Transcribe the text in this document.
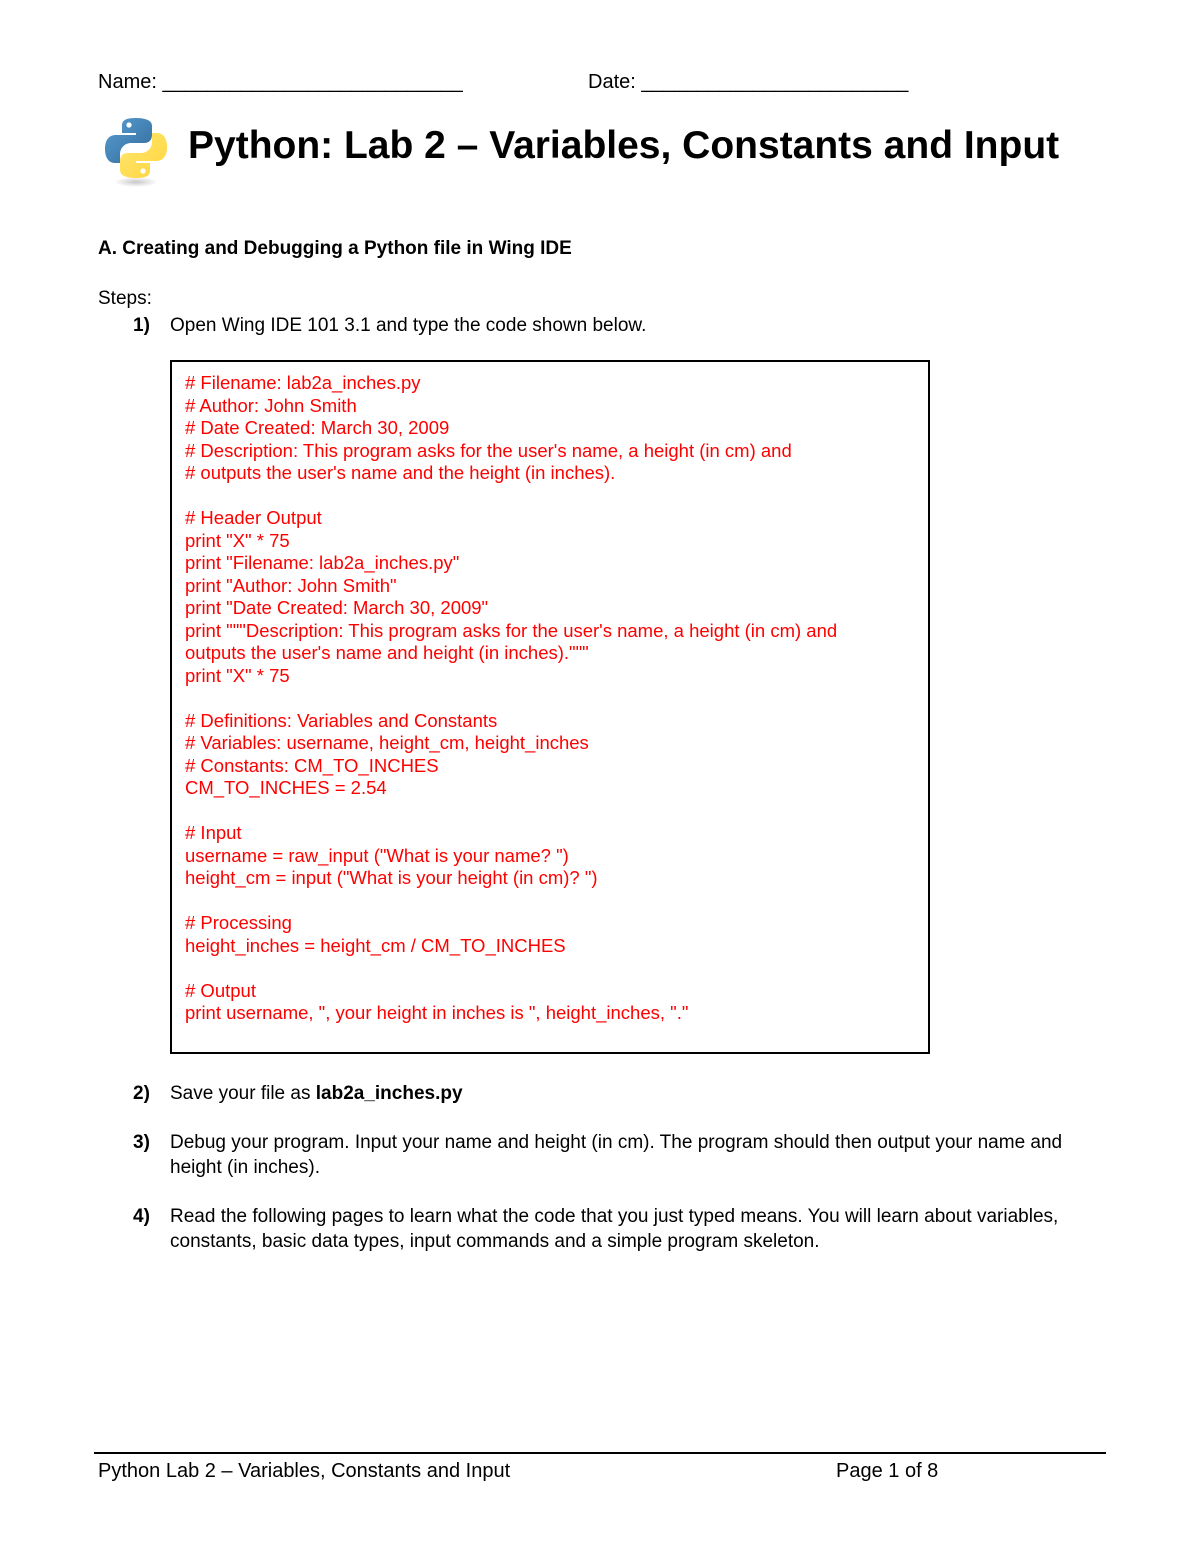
Name: ___________________________	Date: ________________________
Python: Lab 2 – Variables, Constants and Input
A. Creating and Debugging a Python file in Wing IDE
Steps:
1) Open Wing IDE 101 3.1 and type the code shown below.
# Filename: lab2a_inches.py
# Author: John Smith
# Date Created: March 30, 2009
# Description: This program asks for the user's name, a height (in cm) and
# outputs the user's name and the height (in inches).
# Header Output
print "X" * 75
print "Filename: lab2a_inches.py"
print "Author: John Smith"
print "Date Created: March 30, 2009"
print """Description: This program asks for the user's name, a height (in cm) and
outputs the user's name and height (in inches)."""
print "X" * 75
# Definitions: Variables and Constants
# Variables: username, height_cm, height_inches
# Constants: CM_TO_INCHES
CM_TO_INCHES = 2.54
# Input
username = raw_input ("What is your name? ")
height_cm = input ("What is your height (in cm)? ")
# Processing
height_inches = height_cm / CM_TO_INCHES
# Output
print username, ", your height in inches is ", height_inches, "."
2) Save your file as lab2a_inches.py
3) Debug your program. Input your name and height (in cm). The program should then output your name and height (in inches).
4) Read the following pages to learn what the code that you just typed means. You will learn about variables, constants, basic data types, input commands and a simple program skeleton.
Python Lab 2 – Variables, Constants and Input	Page 1 of 8
